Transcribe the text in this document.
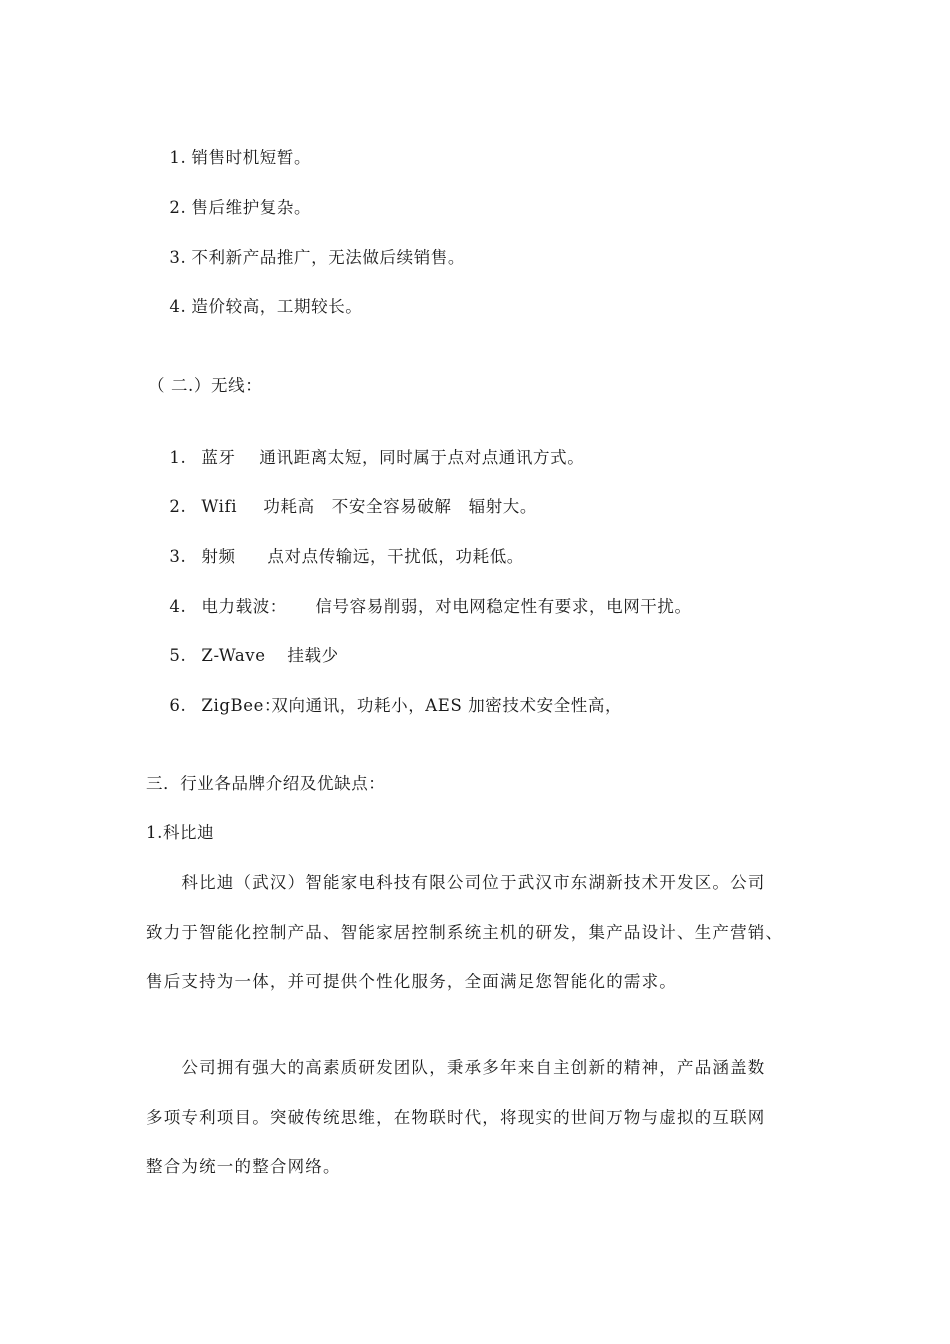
1. 销售时机短暂。

2. 售后维护复杂。

3. 不利新产品推广，无法做后续销售。

4. 造价较高，工期较长。

（ 二.）无线：

1. 蓝牙 通讯距离太短，同时属于点对点通讯方式。

2. Wifi 功耗高　不安全容易破解　辐射大。

3. 射频 点对点传输远，干扰低，功耗低。

4. 电力载波： 信号容易削弱，对电网稳定性有要求，电网干扰。

5. Z-Wave 挂载少

6. ZigBee：双向通讯，功耗小，AES 加密技术安全性高，

三．行业各品牌介绍及优缺点：
1.科比迪
　　科比迪（武汉）智能家电科技有限公司位于武汉市东湖新技术开发区。公司
致力于智能化控制产品、智能家居控制系统主机的研发，集产品设计、生产营销、
售后支持为一体，并可提供个性化服务，全面满足您智能化的需求。
　　公司拥有强大的高素质研发团队，秉承多年来自主创新的精神，产品涵盖数
多项专利项目。突破传统思维，在物联时代，将现实的世间万物与虚拟的互联网
整合为统一的整合网络。
